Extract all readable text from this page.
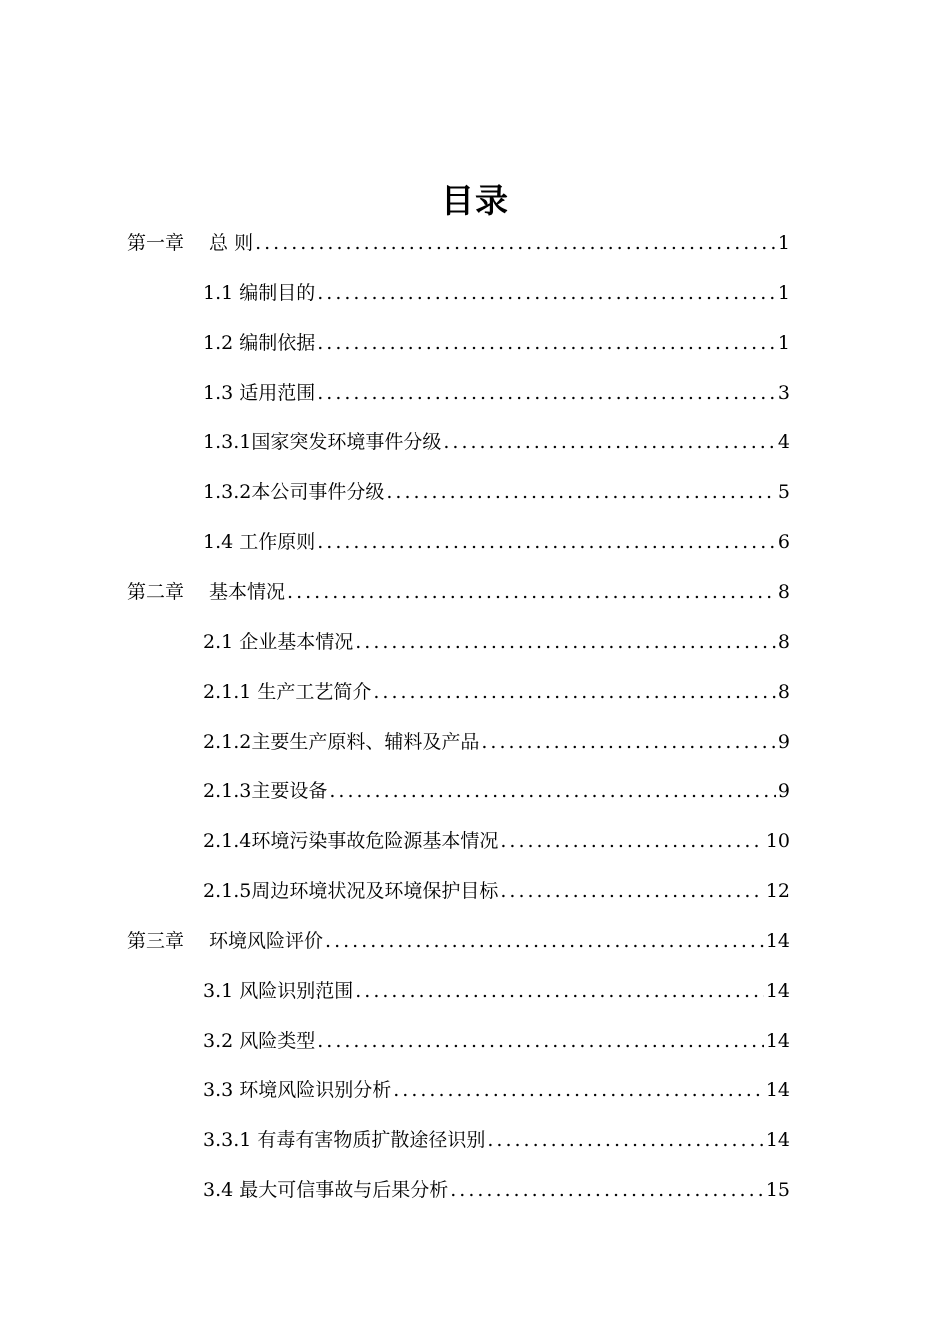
目录
第一章　 总 则 .....	1
1.1 编制目的 .....	1
1.2 编制依据 .....	1
1.3 适用范围 .....	3
1.3.1国家突发环境事件分级 .....	4
1.3.2本公司事件分级 .....	5
1.4 工作原则 .....	6
第二章　 基本情况 .....	8
2.1 企业基本情况 .....	8
2.1.1 生产工艺简介 .....	8
2.1.2主要生产原料、辅料及产品 .....	9
2.1.3主要设备 .....	9
2.1.4环境污染事故危险源基本情况 .....	10
2.1.5周边环境状况及环境保护目标 .....	12
第三章　 环境风险评价 .....	14
3.1 风险识别范围 .....	14
3.2 风险类型 .....	14
3.3 环境风险识别分析 .....	14
3.3.1 有毒有害物质扩散途径识别 .....	14
3.4 最大可信事故与后果分析 .....	15
